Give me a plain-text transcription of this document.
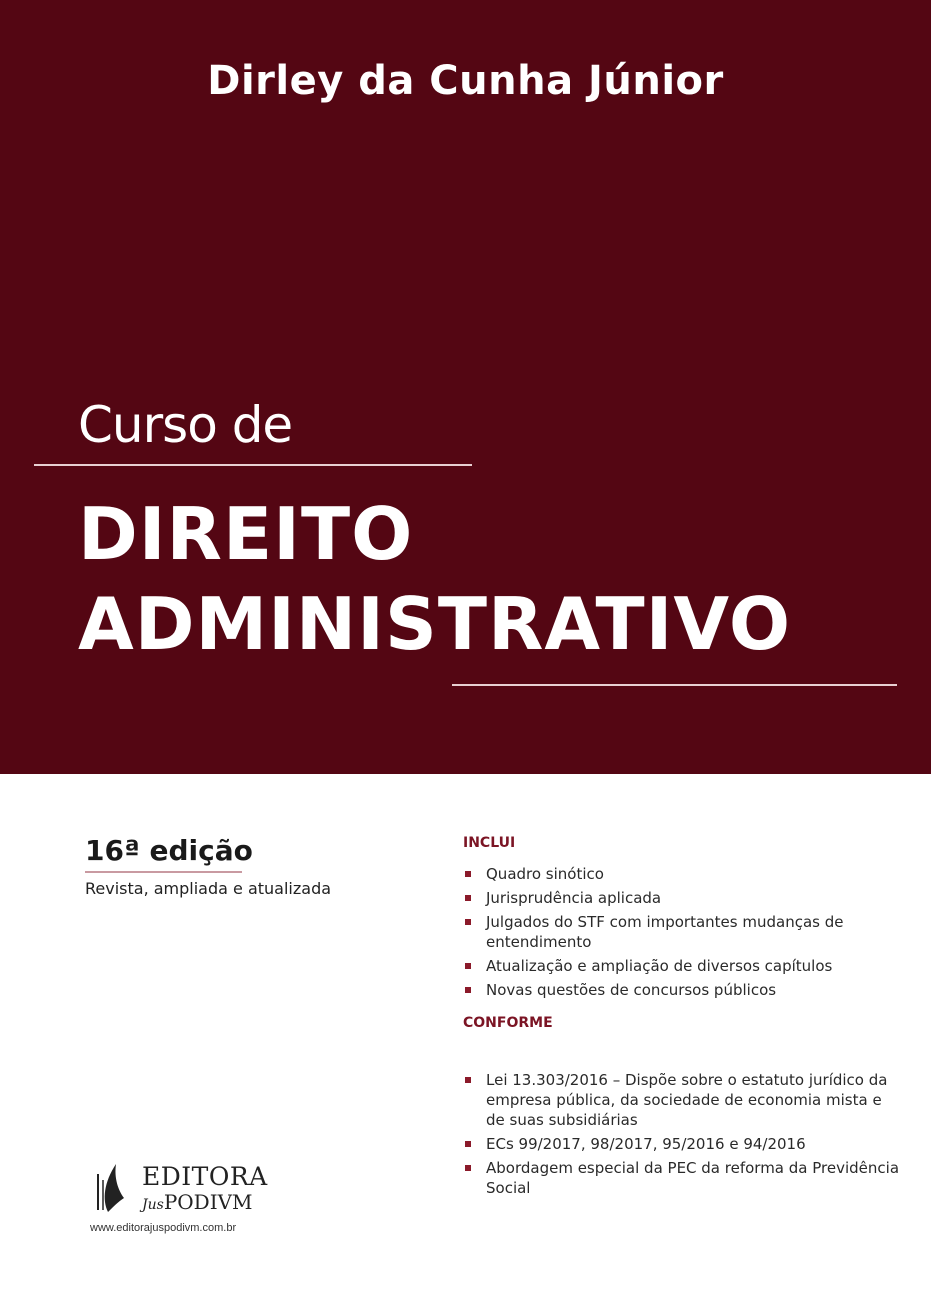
Dirley da Cunha Júnior
Curso de
DIREITO
ADMINISTRATIVO
16ª edição
Revista, ampliada e atualizada
INCLUI
Quadro sinótico
Jurisprudência aplicada
Julgados do STF com importantes mudanças de entendimento
Atualização e ampliação de diversos capítulos
Novas questões de concursos públicos
CONFORME
Lei 13.303/2016 – Dispõe sobre o estatuto jurídico da empresa pública, da sociedade de economia mista e de suas subsidiárias
ECs 99/2017, 98/2017, 95/2016 e 94/2016
Abordagem especial da PEC da reforma da Previdência Social
EDITORA
JusPODIVM
www.editorajuspodivm.com.br
